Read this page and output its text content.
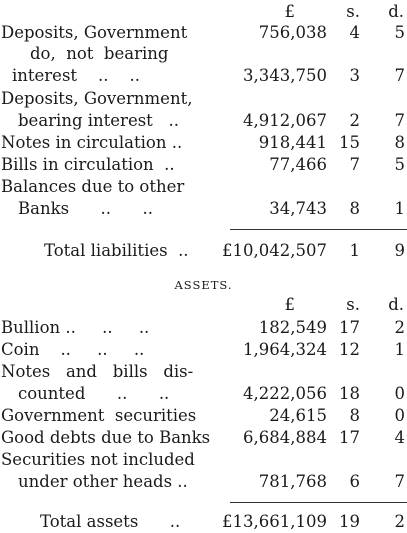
£	s. d.
Deposits, Government	756,038	4	5
do,  not  bearing
interest    ..    ..	3,343,750	3	7
Deposits, Government,
bearing interest   ..	4,912,067	2	7
Notes in circulation ..	918,441 15	8
Bills in circulation  ..	77,466	7	5
Balances due to other
Banks      ..      ..	34,743	8	1
Total liabilities  .. £10,042,507	1	9
ASSETS.
£	s. d.
Bullion ..     ..     ..	182,549 17	2
Coin    ..     ..     ..	1,964,324 12	1
Notes   and   bills   dis-
counted      ..      ..	4,222,056 18	0
Government  securities	24,615	8	0
Good debts due to Banks 6,684,884 17	4
Securities not included
under other heads ..	781,768	6	7
Total assets      ..	£13,661,109 19	2
